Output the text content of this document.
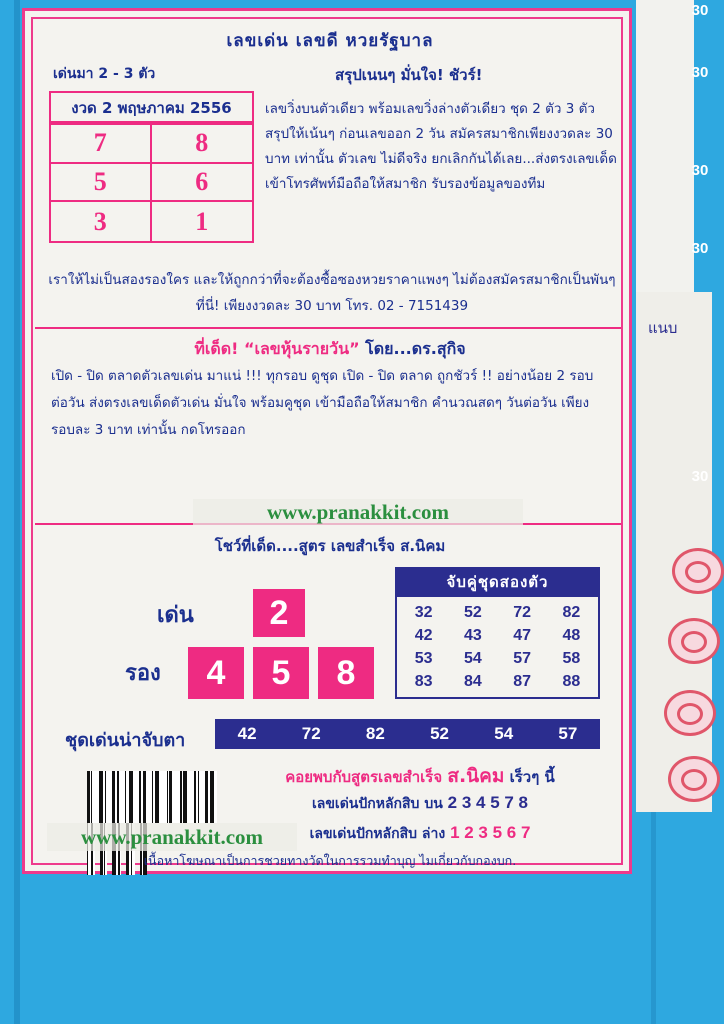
แนบ
30
30
30
30
30
เลขเด่น เลขดี หวยรัฐบาล
เด่นมา 2 - 3 ตัว	สรุปเนนๆ มั่นใจ! ชัวร์!
งวด 2 พฤษภาคม 2556
7	8
5	6
3	1
เลขวิ่งบนตัวเดียว พร้อมเลขวิ่งล่างตัวเดียว ชุด 2 ตัว 3 ตัว สรุปให้เน้นๆ ก่อนเลขออก 2 วัน สมัครสมาชิกเพียงงวดละ 30 บาท เท่านั้น ตัวเลข ไม่ดีจริง ยกเลิกกันได้เลย...ส่งตรงเลขเด็ด เข้าโทรศัพท์มือถือให้สมาชิก รับรองข้อมูลของทีม
เราให้ไม่เป็นสองรองใคร และให้ถูกกว่าที่จะต้องซื้อซองหวยราคาแพงๆ ไม่ต้องสมัครสมาชิกเป็นพันๆ ที่นี่! เพียงงวดละ 30 บาท โทร. 02 - 7151439
ที่เด็ด! “เลขหุ้นรายวัน” โดย...ดร.สุกิจ
เปิด - ปิด ตลาดตัวเลขเด่น มาแน่ !!! ทุกรอบ ดูชุด เปิด - ปิด ตลาด ถูกชัวร์ !! อย่างน้อย 2 รอบ ต่อวัน ส่งตรงเลขเด็ดตัวเด่น มั่นใจ พร้อมคูชุด เข้ามือถือให้สมาชิก คำนวณสดๆ วันต่อวัน เพียงรอบละ 3 บาท เท่านั้น กดโทรออก
โชว์ที่เด็ด....สูตร เลขสำเร็จ ส.นิคม
เด่น	2
รอง	4	5	8
จับคู่ชุดสองตัว
32 52 72 82
42 43 47 48
53 54 57 58
83 84 87 88
ชุดเด่นน่าจับตา	42	72	82	52	54	57
คอยพบกับสูตรเลขสำเร็จ ส.นิคม เร็วๆ นี้
เลขเด่นปักหลักสิบ บน 2 3 4 5 7 8
เลขเด่นปักหลักสิบ ล่าง 1 2 3 5 6 7

เนื้อหาโฆษณาเป็นการชวยทางวัดในการรวมทำบุญ ไมเกี่ยวกับกองบก.
www.pranakkit.com
www.pranakkit.com
